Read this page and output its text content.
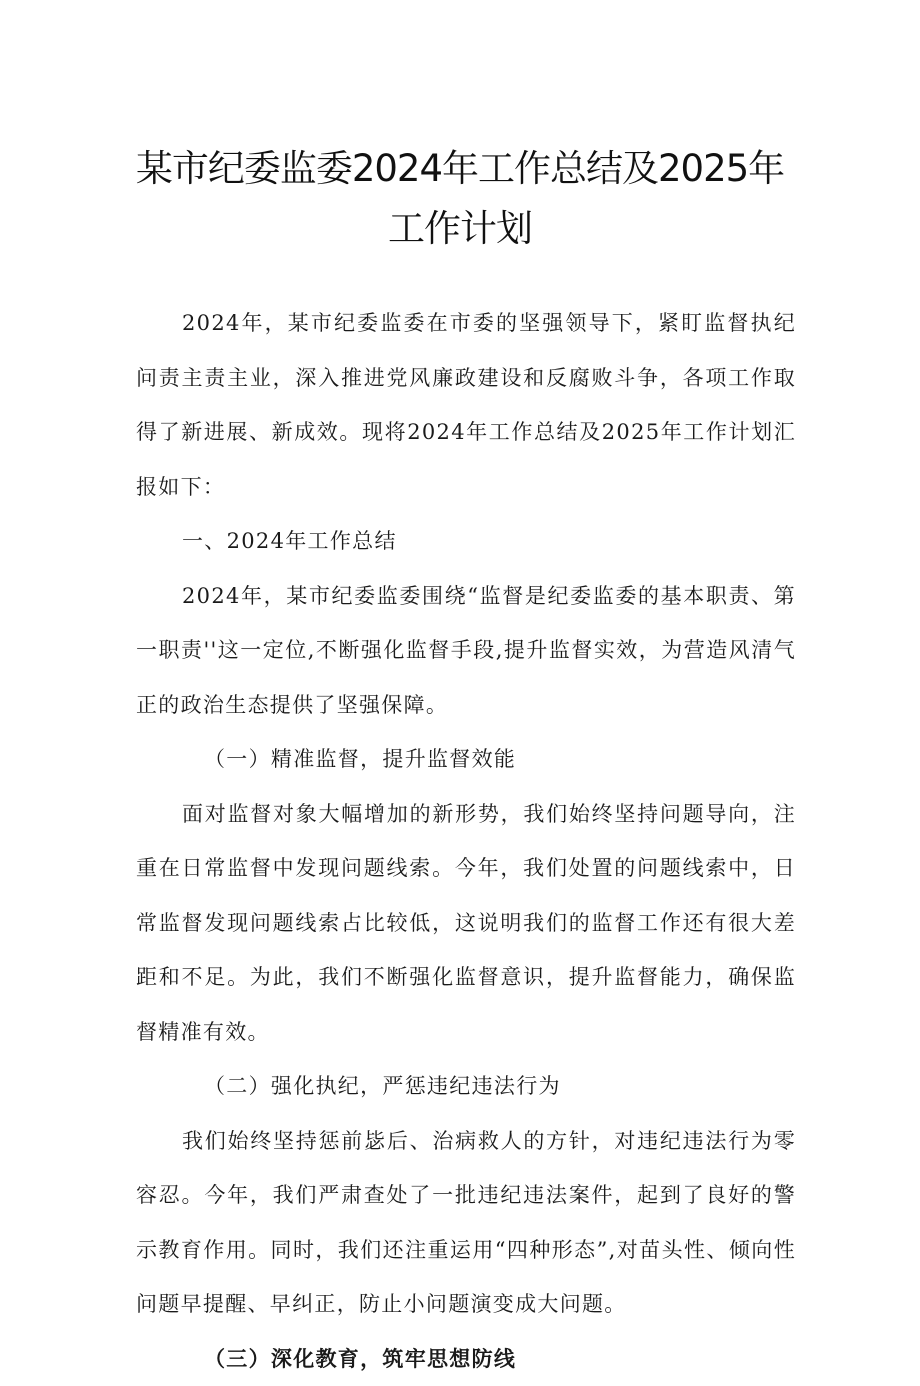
某市纪委监委2024年工作总结及2025年
工作计划

2024年，某市纪委监委在市委的坚强领导下，紧盯监督执纪问责主责主业，深入推进党风廉政建设和反腐败斗争，各项工作取得了新进展、新成效。现将2024年工作总结及2025年工作计划汇报如下：

一、2024年工作总结

2024年，某市纪委监委围绕“监督是纪委监委的基本职责、第一职责''这一定位,不断强化监督手段,提升监督实效，为营造风清气正的政治生态提供了坚强保障。

（一）精准监督，提升监督效能

面对监督对象大幅增加的新形势，我们始终坚持问题导向，注重在日常监督中发现问题线索。今年，我们处置的问题线索中，日常监督发现问题线索占比较低，这说明我们的监督工作还有很大差距和不足。为此，我们不断强化监督意识，提升监督能力，确保监督精准有效。

（二）强化执纪，严惩违纪违法行为

我们始终坚持惩前毖后、治病救人的方针，对违纪违法行为零容忍。今年，我们严肃查处了一批违纪违法案件，起到了良好的警示教育作用。同时，我们还注重运用“四种形态”,对苗头性、倾向性问题早提醒、早纠正，防止小问题演变成大问题。

（三）深化教育，筑牢思想防线
